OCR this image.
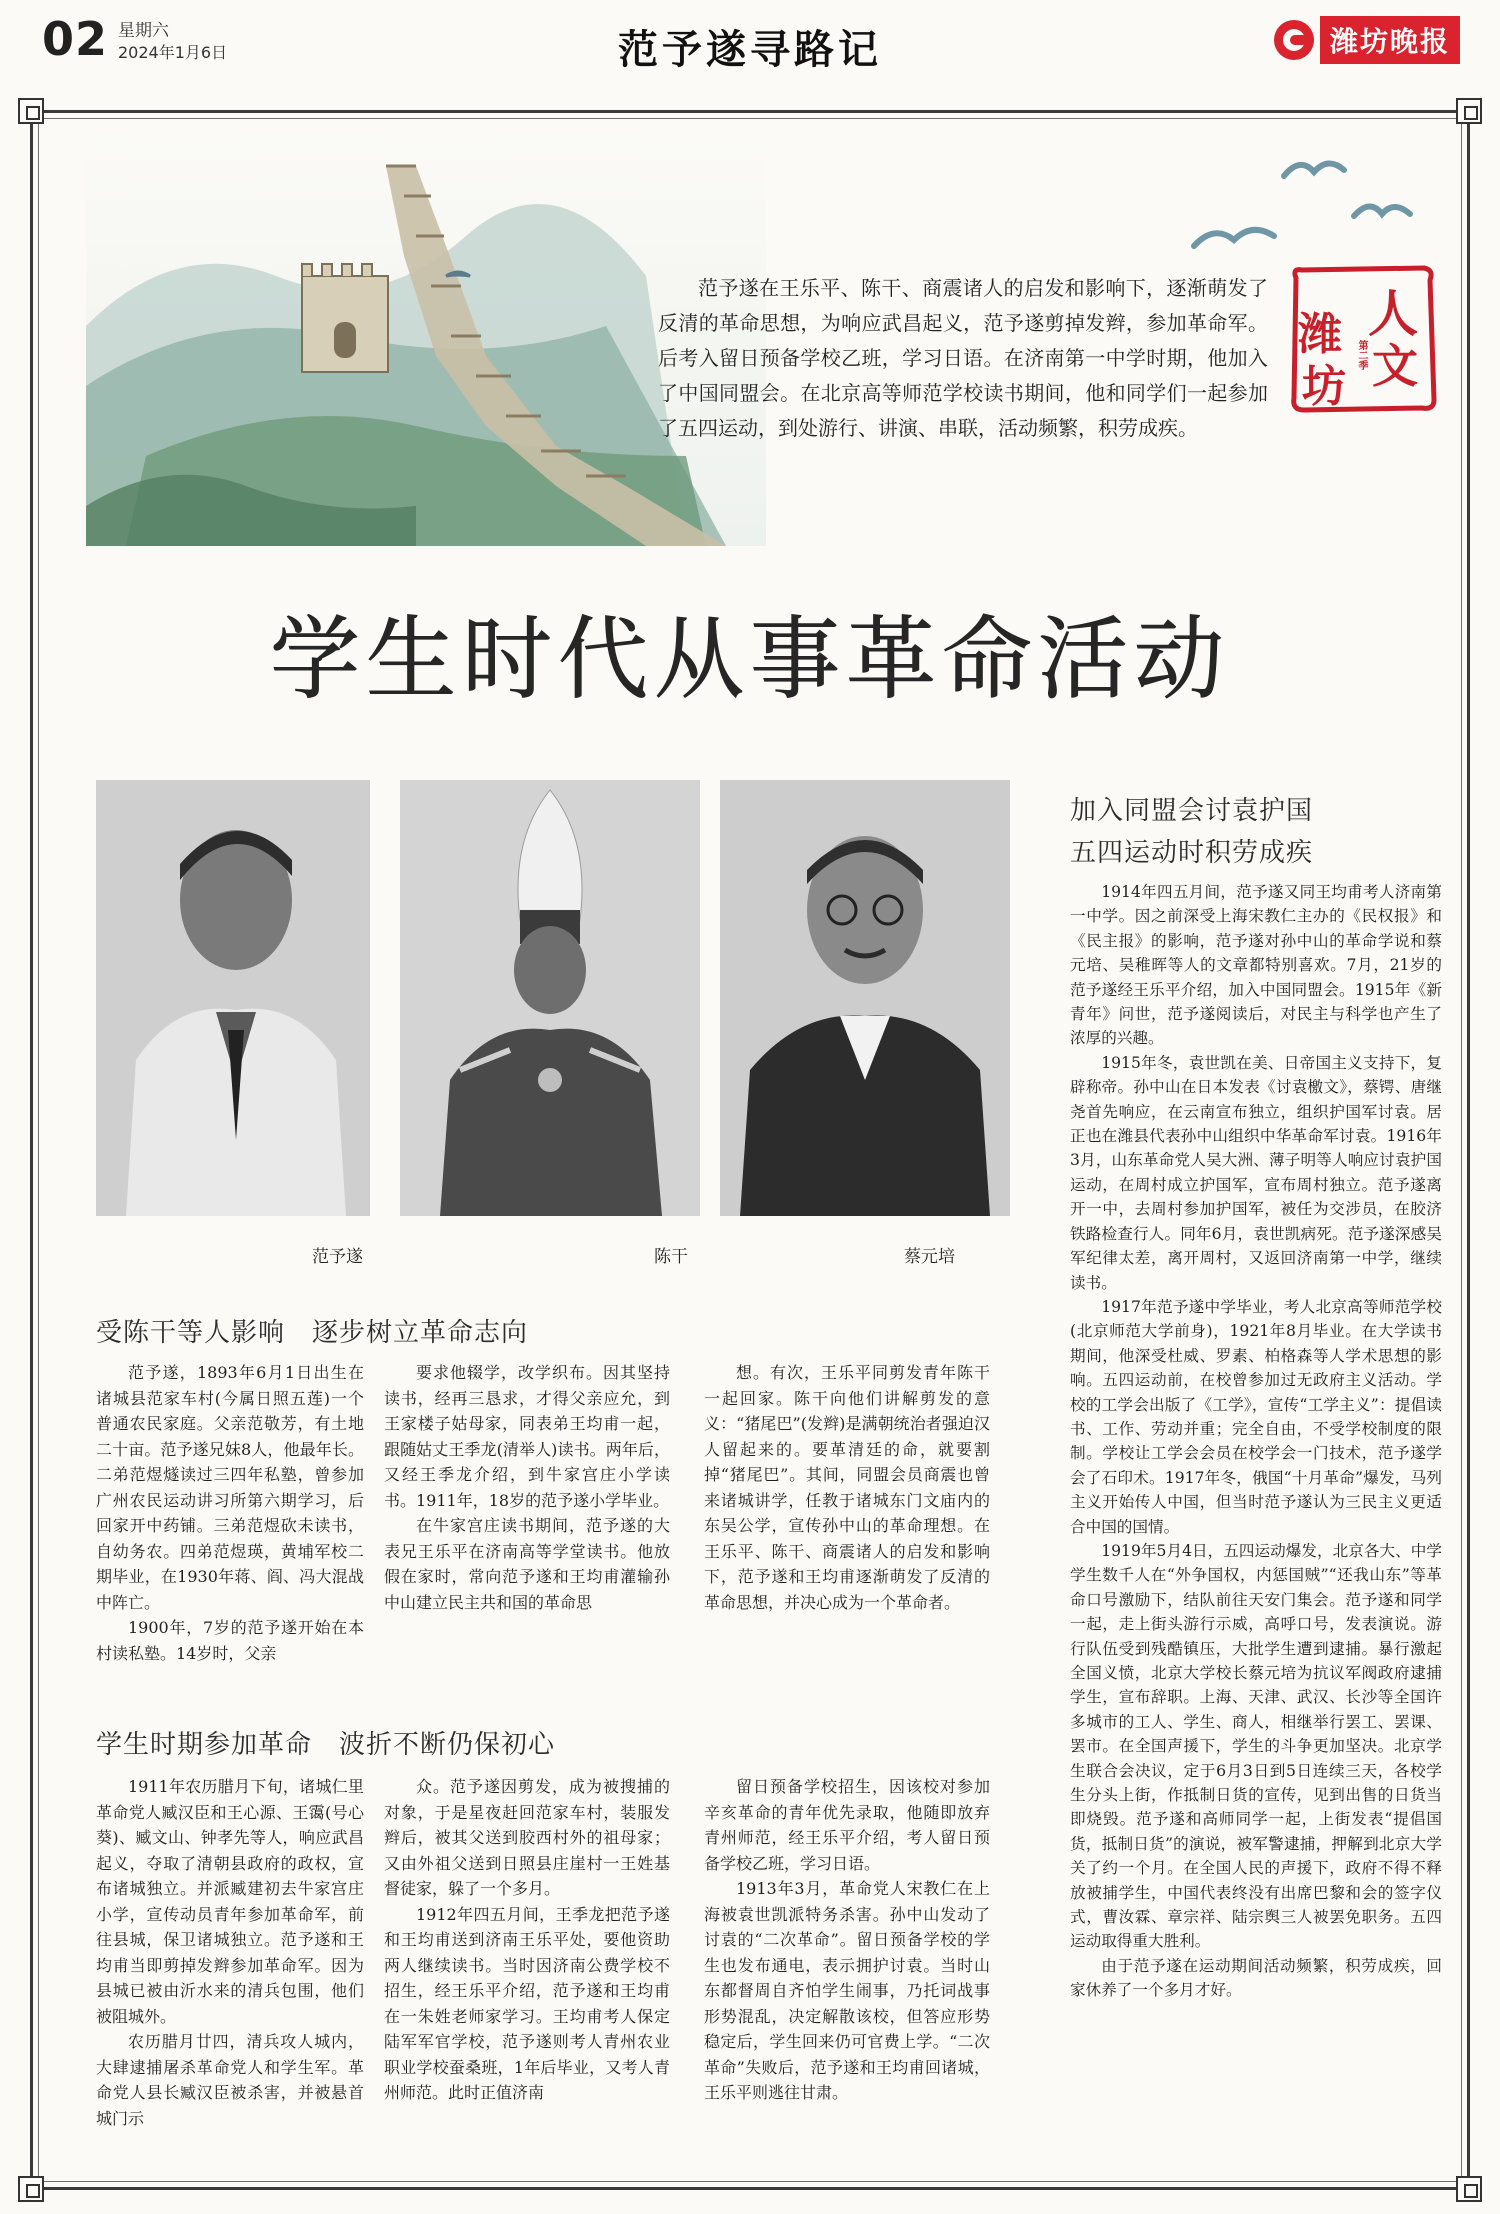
02 星期六
2024年1月6日	范予遂寻路记	潍坊晚报
范予遂在王乐平、陈干、商震诸人的启发和影响下，逐渐萌发了反清的革命思想，为响应武昌起义，范予遂剪掉发辫，参加革命军。后考入留日预备学校乙班，学习日语。在济南第一中学时期，他加入了中国同盟会。在北京高等师范学校读书期间，他和同学们一起参加了五四运动，到处游行、讲演、串联，活动频繁，积劳成疾。
人
潍
文
坊
第二季
学生时代从事革命活动
范予遂	陈干	蔡元培
受陈干等人影响　逐步树立革命志向

范予遂，1893年6月1日出生在诸城县范家车村(今属日照五莲)一个普通农民家庭。父亲范敬芳，有土地二十亩。范予遂兄妹8人，他最年长。二弟范煜燧读过三四年私塾，曾参加广州农民运动讲习所第六期学习，后回家开中药铺。三弟范煜砍未读书，自幼务农。四弟范煜瑛，黄埔军校二期毕业，在1930年蒋、阎、冯大混战中阵亡。

1900年，7岁的范予遂开始在本村读私塾。14岁时，父亲

要求他辍学，改学织布。因其坚持读书，经再三恳求，才得父亲应允，到王家楼子姑母家，同表弟王均甫一起，跟随姑丈王季龙(清举人)读书。两年后，又经王季龙介绍，到牛家宫庄小学读书。1911年，18岁的范予遂小学毕业。

在牛家宫庄读书期间，范予遂的大表兄王乐平在济南高等学堂读书。他放假在家时，常向范予遂和王均甫灌输孙中山建立民主共和国的革命思

想。有次，王乐平同剪发青年陈干一起回家。陈干向他们讲解剪发的意义：“猪尾巴”(发辫)是满朝统治者强迫汉人留起来的。要革清廷的命，就要割掉“猪尾巴”。其间，同盟会员商震也曾来诸城讲学，任教于诸城东门文庙内的东吴公学，宣传孙中山的革命理想。在王乐平、陈干、商震诸人的启发和影响下，范予遂和王均甫逐渐萌发了反清的革命思想，并决心成为一个革命者。

学生时期参加革命　波折不断仍保初心

1911年农历腊月下旬，诸城仁里革命党人臧汉臣和王心源、王霭(号心葵)、臧文山、钟孝先等人，响应武昌起义，夺取了清朝县政府的政权，宣布诸城独立。并派臧建初去牛家宫庄小学，宣传动员青年参加革命军，前往县城，保卫诸城独立。范予遂和王均甫当即剪掉发辫参加革命军。因为县城已被由沂水来的清兵包围，他们被阻城外。

农历腊月廿四，清兵攻人城内，大肆逮捕屠杀革命党人和学生军。革命党人县长臧汉臣被杀害，并被悬首城门示

众。范予遂因剪发，成为被搜捕的对象，于是星夜赶回范家车村，装服发辫后，被其父送到胶西村外的祖母家；又由外祖父送到日照县庄崖村一王姓基督徒家，躲了一个多月。

1912年四五月间，王季龙把范予遂和王均甫送到济南王乐平处，要他资助两人继续读书。当时因济南公费学校不招生，经王乐平介绍，范予遂和王均甫在一朱姓老师家学习。王均甫考人保定陆军军官学校，范予遂则考人青州农业职业学校蚕桑班，1年后毕业，又考人青州师范。此时正值济南

留日预备学校招生，因该校对参加辛亥革命的青年优先录取，他随即放弃青州师范，经王乐平介绍，考人留日预备学校乙班，学习日语。

1913年3月，革命党人宋教仁在上海被袁世凯派特务杀害。孙中山发动了讨袁的“二次革命”。留日预备学校的学生也发布通电，表示拥护讨袁。当时山东都督周自齐怕学生闹事，乃托词战事形势混乱，决定解散该校，但答应形势稳定后，学生回来仍可官费上学。“二次革命”失败后，范予遂和王均甫回诸城，王乐平则逃往甘肃。

加入同盟会讨袁护国
五四运动时积劳成疾

1914年四五月间，范予遂又同王均甫考人济南第一中学。因之前深受上海宋教仁主办的《民权报》和《民主报》的影响，范予遂对孙中山的革命学说和蔡元培、吴稚晖等人的文章都特别喜欢。7月，21岁的范予遂经王乐平介绍，加入中国同盟会。1915年《新青年》问世，范予遂阅读后，对民主与科学也产生了浓厚的兴趣。

1915年冬，袁世凯在美、日帝国主义支持下，复辟称帝。孙中山在日本发表《讨袁檄文》，蔡锷、唐继尧首先响应，在云南宣布独立，组织护国军讨袁。居正也在潍县代表孙中山组织中华革命军讨袁。1916年3月，山东革命党人吴大洲、薄子明等人响应讨袁护国运动，在周村成立护国军，宣布周村独立。范予遂离开一中，去周村参加护国军，被任为交涉员，在胶济铁路检查行人。同年6月，袁世凯病死。范予遂深感吴军纪律太差，离开周村，又返回济南第一中学，继续读书。

1917年范予遂中学毕业，考人北京高等师范学校(北京师范大学前身)，1921年8月毕业。在大学读书期间，他深受杜威、罗素、柏格森等人学术思想的影响。五四运动前，在校曾参加过无政府主义活动。学校的工学会出版了《工学》，宣传“工学主义”：提倡读书、工作、劳动并重；完全自由，不受学校制度的限制。学校让工学会会员在校学会一门技术，范予遂学会了石印术。1917年冬，俄国“十月革命”爆发，马列主义开始传人中国，但当时范予遂认为三民主义更适合中国的国情。

1919年5月4日，五四运动爆发，北京各大、中学学生数千人在“外争国权，内惩国贼”“还我山东”等革命口号激励下，结队前往天安门集会。范予遂和同学一起，走上街头游行示威，高呼口号，发表演说。游行队伍受到残酷镇压，大批学生遭到逮捕。暴行激起全国义愤，北京大学校长蔡元培为抗议军阀政府逮捕学生，宣布辞职。上海、天津、武汉、长沙等全国许多城市的工人、学生、商人，相继举行罢工、罢课、罢市。在全国声援下，学生的斗争更加坚决。北京学生联合会决议，定于6月3日到5日连续三天，各校学生分头上街，作抵制日货的宣传，见到出售的日货当即烧毁。范予遂和高师同学一起，上街发表“提倡国货，抵制日货”的演说，被军警逮捕，押解到北京大学关了约一个月。在全国人民的声援下，政府不得不释放被捕学生，中国代表终没有出席巴黎和会的签字仪式，曹汝霖、章宗祥、陆宗舆三人被罢免职务。五四运动取得重大胜利。

由于范予遂在运动期间活动频繁，积劳成疾，回家休养了一个多月才好。
